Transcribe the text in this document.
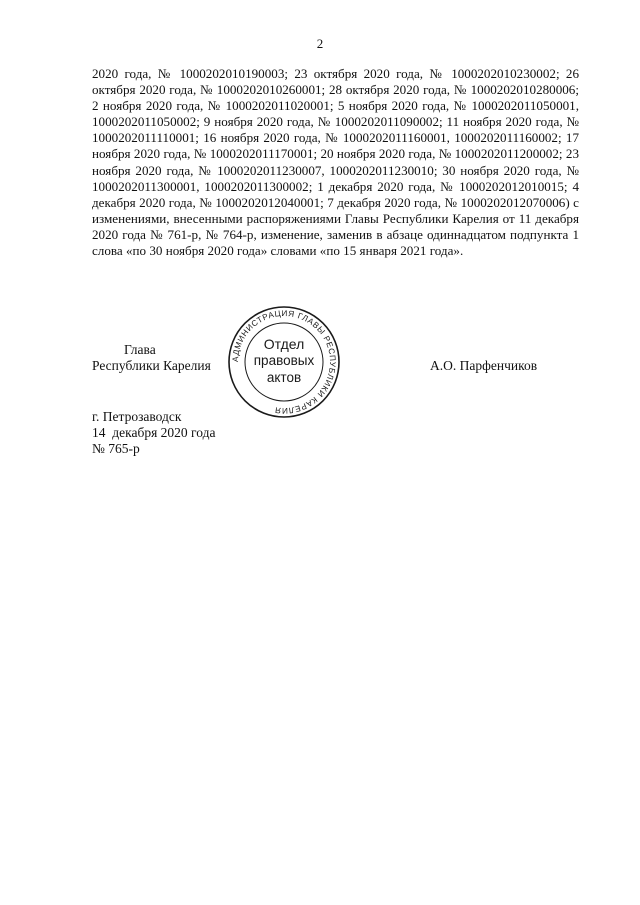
2

2020 года, № 1000202010190003; 23 октября 2020 года, № 1000202010230002; 26 октября 2020 года, № 1000202010260001; 28 октября 2020 года, № 1000202010280006; 2 ноября 2020 года, № 1000202011020001; 5 ноября 2020 года, № 1000202011050001, 1000202011050002; 9 ноября 2020 года, № 1000202011090002; 11 ноября 2020 года, № 1000202011110001; 16 ноября 2020 года, № 1000202011160001, 1000202011160002; 17 ноября 2020 года, № 1000202011170001; 20 ноября 2020 года, № 1000202011200002; 23 ноября 2020 года, № 1000202011230007, 1000202011230010; 30 ноября 2020 года, № 1000202011300001, 1000202011300002; 1 декабря 2020 года, № 1000202012010015; 4 декабря 2020 года, № 1000202012040001; 7 декабря 2020 года, № 1000202012070006) с изменениями, внесенными распоряжениями Главы Республики Карелия от 11 декабря 2020 года № 761-р, № 764-р, изменение, заменив в абзаце одиннадцатом подпункта 1 слова «по 30 ноября 2020 года» словами «по 15 января 2021 года».

Глава
Республики Карелия АДМИНИСТРАЦИЯ ГЛАВЫ РЕСПУБЛИКИ КАРЕЛИЯ
Отдел
правовых
актов
А.О. Парфенчиков
г. Петрозаводск
14  декабря 2020 года
№ 765-р
